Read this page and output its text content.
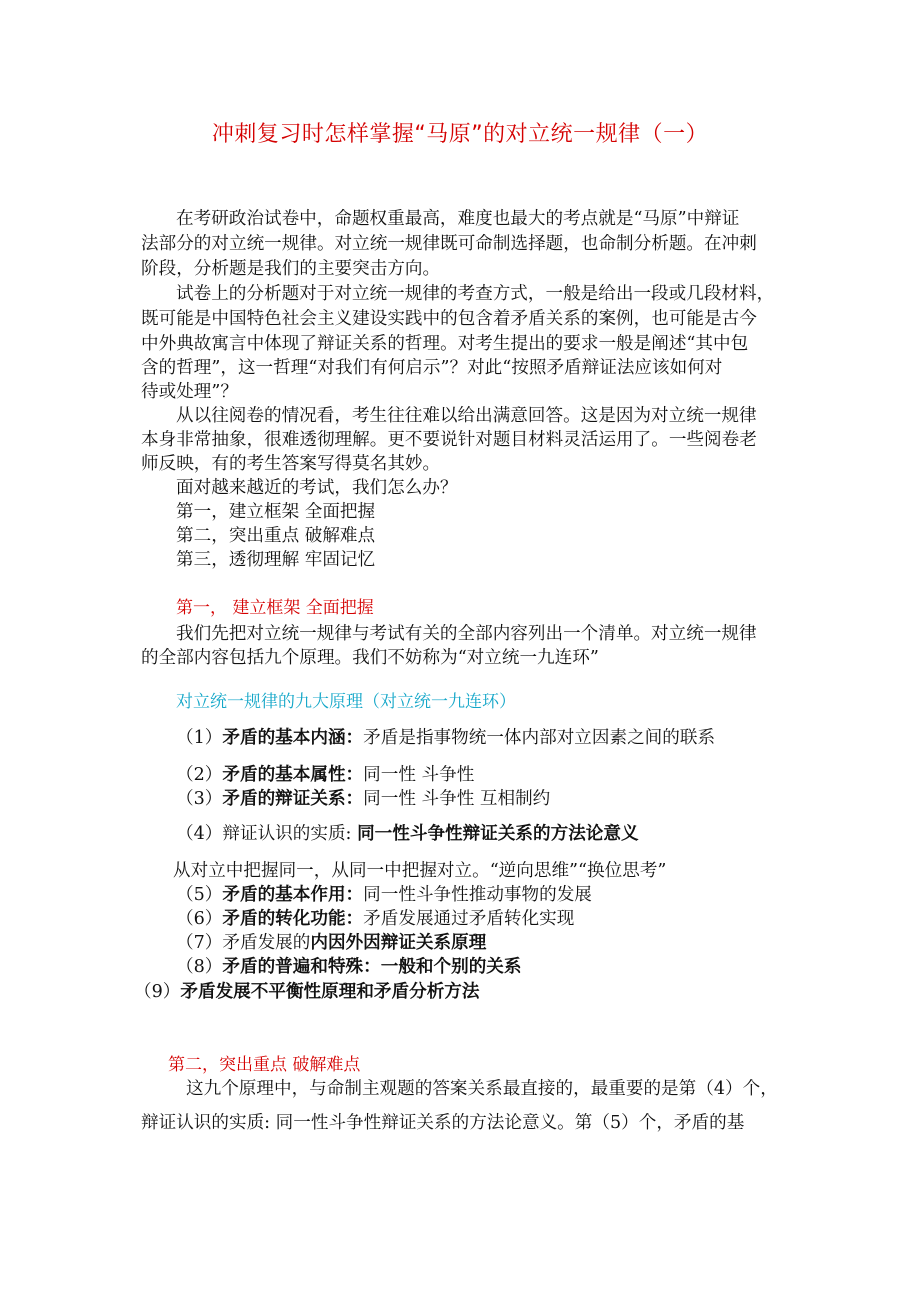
冲刺复习时怎样掌握“马原”的对立统一规律（一）
在考研政治试卷中，命题权重最高，难度也最大的考点就是“马原”中辩证
法部分的对立统一规律。对立统一规律既可命制选择题，也命制分析题。在冲刺
阶段，分析题是我们的主要突击方向。
试卷上的分析题对于对立统一规律的考查方式，一般是给出一段或几段材料，
既可能是中国特色社会主义建设实践中的包含着矛盾关系的案例，也可能是古今
中外典故寓言中体现了辩证关系的哲理。对考生提出的要求一般是阐述“其中包
含的哲理”，这一哲理“对我们有何启示”？对此“按照矛盾辩证法应该如何对
待或处理”？
从以往阅卷的情况看，考生往往难以给出满意回答。这是因为对立统一规律
本身非常抽象，很难透彻理解。更不要说针对题目材料灵活运用了。一些阅卷老
师反映，有的考生答案写得莫名其妙。
面对越来越近的考试，我们怎么办？
第一，建立框架 全面把握
第二，突出重点 破解难点
第三，透彻理解 牢固记忆
第一， 建立框架 全面把握
我们先把对立统一规律与考试有关的全部内容列出一个清单。对立统一规律
的全部内容包括九个原理。我们不妨称为“对立统一九连环”
对立统一规律的九大原理（对立统一九连环）
（1）矛盾的基本内涵：矛盾是指事物统一体内部对立因素之间的联系
（2）矛盾的基本属性：同一性 斗争性
（3）矛盾的辩证关系：同一性 斗争性 互相制约
（4）辩证认识的实质: 同一性斗争性辩证关系的方法论意义
从对立中把握同一，从同一中把握对立。“逆向思维”“换位思考”
（5）矛盾的基本作用：同一性斗争性推动事物的发展
（6）矛盾的转化功能：矛盾发展通过矛盾转化实现
（7）矛盾发展的内因外因辩证关系原理
（8）矛盾的普遍和特殊：一般和个别的关系
（9）矛盾发展不平衡性原理和矛盾分析方法
第二，突出重点 破解难点
这九个原理中，与命制主观题的答案关系最直接的，最重要的是第（4）个，
辩证认识的实质: 同一性斗争性辩证关系的方法论意义。第（5）个，矛盾的基
